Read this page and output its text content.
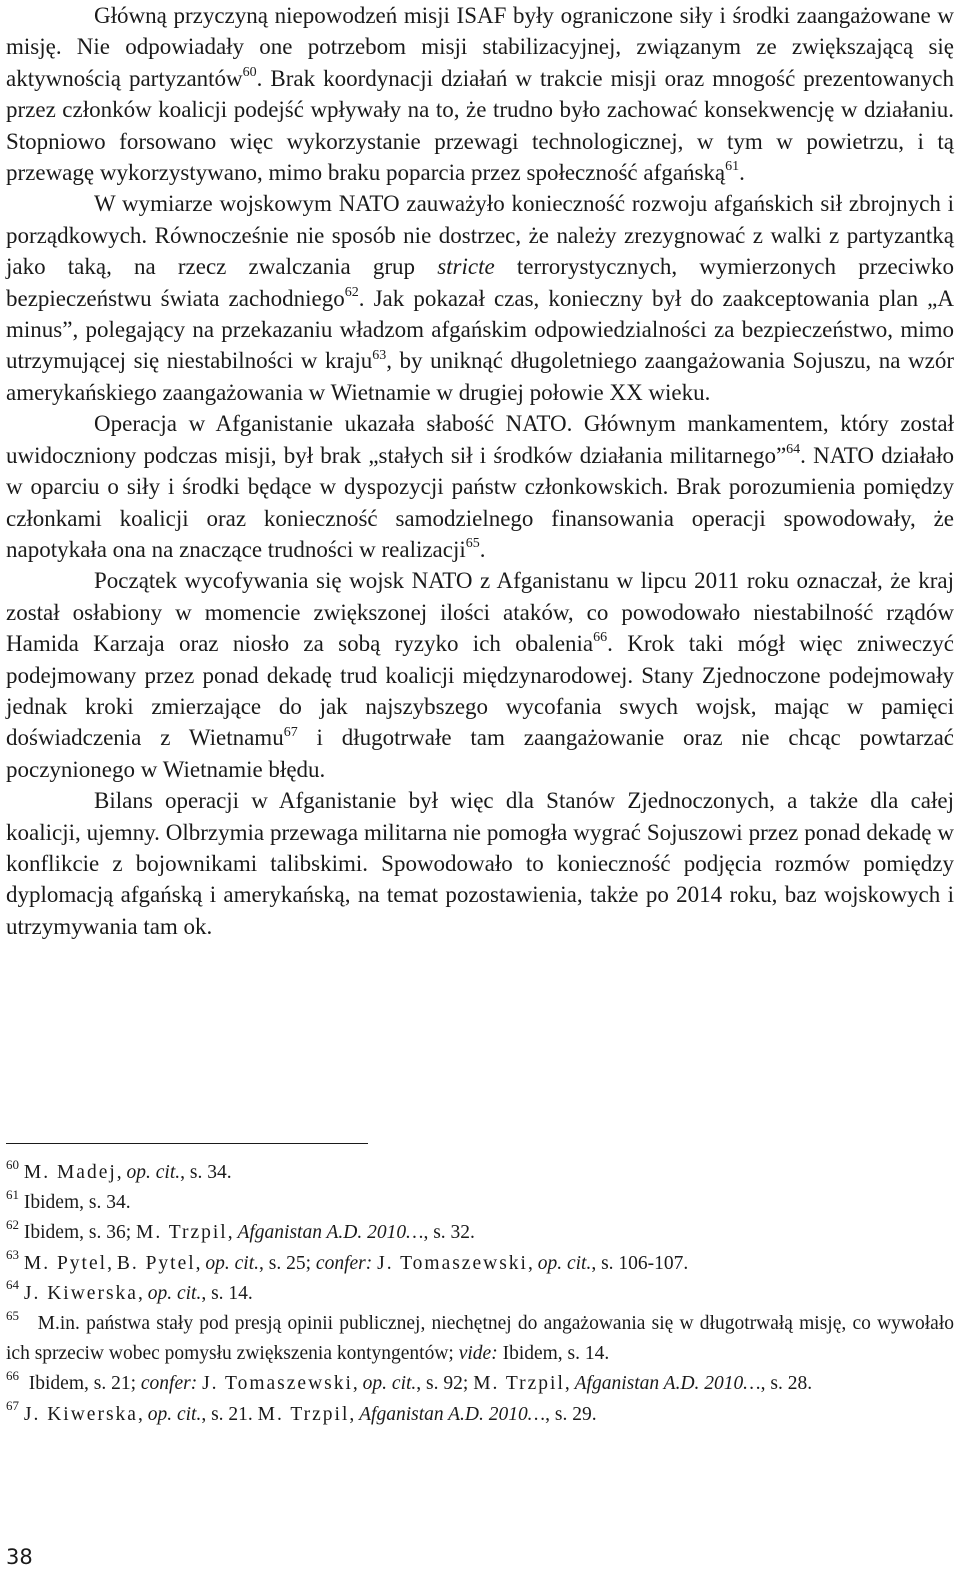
Główną przyczyną niepowodzeń misji ISAF były ograniczone siły i środki zaangażowane w misję. Nie odpowiadały one potrzebom misji stabilizacyjnej, związanym ze zwiększającą się aktywnością partyzantów$^{60}$. Brak koordynacji działań w trakcie misji oraz mnogość prezentowanych przez członków koalicji podejść wpływały na to, że trudno było zachować konsekwencję w działaniu. Stopniowo forsowano więc wykorzystanie przewagi technologicznej, w tym w powietrzu, i tą przewagę wykorzystywano, mimo braku poparcia przez społeczność afgańską$^{61}$.

W wymiarze wojskowym NATO zauważyło konieczność rozwoju afgańskich sił zbrojnych i porządkowych. Równocześnie nie sposób nie dostrzec, że należy zrezygnować z walki z partyzantką jako taką, na rzecz zwalczania grup stricte terrorystycznych, wymierzonych przeciwko bezpieczeństwu świata zachodniego$^{62}$. Jak pokazał czas, konieczny był do zaakceptowania plan „A minus”, polegający na przekazaniu władzom afgańskim odpowiedzialności za bezpieczeństwo, mimo utrzymującej się niestabilności w kraju$^{63}$, by uniknąć długoletniego zaangażowania Sojuszu, na wzór amerykańskiego zaangażowania w Wietnamie w drugiej połowie XX wieku.

Operacja w Afganistanie ukazała słabość NATO. Głównym mankamentem, który został uwidoczniony podczas misji, był brak „stałych sił i środków działania militarnego”$^{64}$. NATO działało w oparciu o siły i środki będące w dyspozycji państw członkowskich. Brak porozumienia pomiędzy członkami koalicji oraz konieczność samodzielnego finansowania operacji spowodowały, że napotykała ona na znaczące trudności w realizacji$^{65}$.

Początek wycofywania się wojsk NATO z Afganistanu w lipcu 2011 roku oznaczał, że kraj został osłabiony w momencie zwiększonej ilości ataków, co powodowało niestabilność rządów Hamida Karzaja oraz niosło za sobą ryzyko ich obalenia$^{66}$. Krok taki mógł więc zniweczyć podejmowany przez ponad dekadę trud koalicji międzynarodowej. Stany Zjednoczone podejmowały jednak kroki zmierzające do jak najszybszego wycofania swych wojsk, mając w pamięci doświadczenia z Wietnamu$^{67}$ i długotrwałe tam zaangażowanie oraz nie chcąc powtarzać poczynionego w Wietnamie błędu.

Bilans operacji w Afganistanie był więc dla Stanów Zjednoczonych, a także dla całej koalicji, ujemny. Olbrzymia przewaga militarna nie pomogła wygrać Sojuszowi przez ponad dekadę w konflikcie z bojownikami talibskimi. Spowodowało to konieczność podjęcia rozmów pomiędzy dyplomacją afgańską i amerykańską, na temat pozostawienia, także po 2014 roku, baz wojskowych i utrzymywania tam ok.

$^{60}$ M. Madej, op. cit., s. 34.

$^{61}$ Ibidem, s. 34.

$^{62}$ Ibidem, s. 36; M. Trzpil, Afganistan A.D. 2010…, s. 32.

$^{63}$ M. Pytel, B. Pytel, op. cit., s. 25; confer: J. Tomaszewski, op. cit., s. 106-107.

$^{64}$ J. Kiwerska, op. cit., s. 14.

$^{65}$ M.in. państwa stały pod presją opinii publicznej, niechętnej do angażowania się w długotrwałą misję, co wywołało ich sprzeciw wobec pomysłu zwiększenia kontyngentów; vide: Ibidem, s. 14.

$^{66}$ Ibidem, s. 21; confer: J. Tomaszewski, op. cit., s. 92; M. Trzpil, Afganistan A.D. 2010…, s. 28.

$^{67}$ J. Kiwerska, op. cit., s. 21. M. Trzpil, Afganistan A.D. 2010…, s. 29.

38
